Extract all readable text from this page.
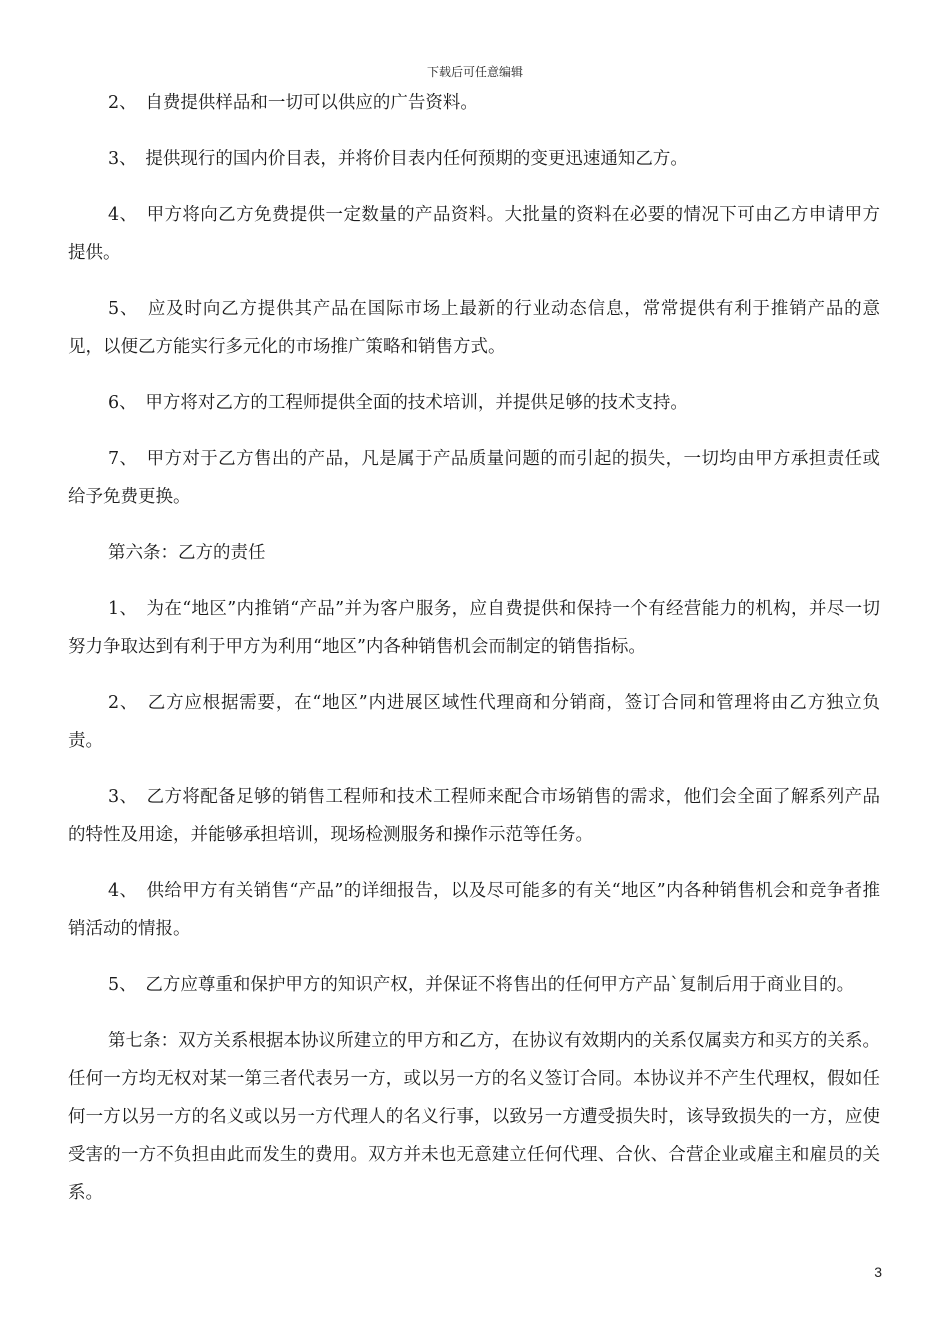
下载后可任意编辑

2、　自费提供样品和一切可以供应的广告资料。

3、　提供现行的国内价目表，并将价目表内任何预期的变更迅速通知乙方。

4、　甲方将向乙方免费提供一定数量的产品资料。大批量的资料在必要的情况下可由乙方申请甲方提供。

5、　应及时向乙方提供其产品在国际市场上最新的行业动态信息，常常提供有利于推销产品的意见，以便乙方能实行多元化的市场推广策略和销售方式。

6、　甲方将对乙方的工程师提供全面的技术培训，并提供足够的技术支持。

7、　甲方对于乙方售出的产品，凡是属于产品质量问题的而引起的损失，一切均由甲方承担责任或给予免费更换。

第六条：乙方的责任

1、　为在“地区”内推销“产品”并为客户服务，应自费提供和保持一个有经营能力的机构，并尽一切努力争取达到有利于甲方为利用“地区”内各种销售机会而制定的销售指标。

2、　乙方应根据需要，在“地区”内进展区域性代理商和分销商，签订合同和管理将由乙方独立负责。

3、　乙方将配备足够的销售工程师和技术工程师来配合市场销售的需求，他们会全面了解系列产品的特性及用途，并能够承担培训，现场检测服务和操作示范等任务。

4、　供给甲方有关销售“产品”的详细报告，以及尽可能多的有关“地区”内各种销售机会和竞争者推销活动的情报。

5、　乙方应尊重和保护甲方的知识产权，并保证不将售出的任何甲方产品`复制后用于商业目的。

第七条：双方关系根据本协议所建立的甲方和乙方，在协议有效期内的关系仅属卖方和买方的关系。任何一方均无权对某一第三者代表另一方，或以另一方的名义签订合同。本协议并不产生代理权，假如任何一方以另一方的名义或以另一方代理人的名义行事，以致另一方遭受损失时，该导致损失的一方，应使受害的一方不负担由此而发生的费用。双方并未也无意建立任何代理、合伙、合营企业或雇主和雇员的关系。

3
